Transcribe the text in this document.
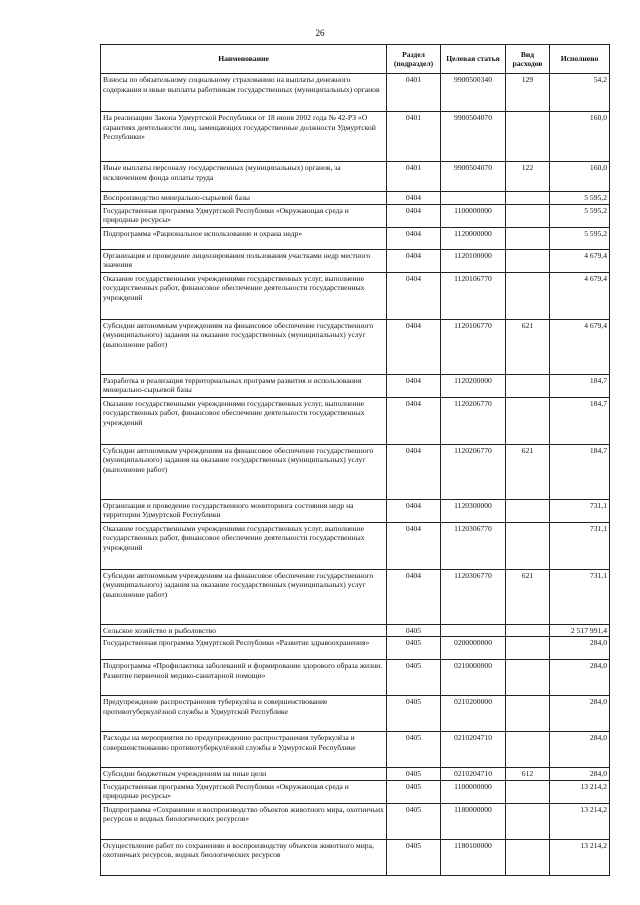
26
Наименование	Раздел (подраздел)	Целевая статья	Вид расходов	Исполнено
Взносы по обязательному социальному страхованию на выплаты денежного содержания и иные выплаты работникам государственных (муниципальных) органов	0401	9900500340	129	54,2
На реализацию Закона Удмуртской Республики от 18 июня 2002 года № 42-РЗ «О гарантиях деятельности лиц, замещающих государственные должности Удмуртской Республики»	0401	9900504070		160,0
Иные выплаты персоналу государственных (муниципальных) органов, за исключением фонда оплаты труда	0401	9900504070	122	160,0
Воспроизводство минерально-сырьевой базы	0404			5 595,2
Государственная программа Удмуртской Республики «Окружающая среда и природные ресурсы»	0404	1100000000		5 595,2
Подпрограмма «Рациональное использование и охрана недр»	0404	1120000000		5 595,2
Организация и проведение лицензирования пользования участками недр местного значения	0404	1120100000		4 679,4
Оказание государственными учреждениями государственных услуг, выполнение государственных работ, финансовое обеспечение деятельности государственных учреждений	0404	1120106770		4 679,4
Субсидии автономным учреждениям на финансовое обеспечение государственного (муниципального) задания на оказание государственных (муниципальных) услуг (выполнение работ)	0404	1120106770	621	4 679,4
Разработка и реализация территориальных программ развития и использования минерально-сырьевой базы	0404	1120200000		184,7
Оказание государственными учреждениями государственных услуг, выполнение государственных работ, финансовое обеспечение деятельности государственных учреждений	0404	1120206770		184,7
Субсидии автономным учреждениям на финансовое обеспечение государственного (муниципального) задания на оказание государственных (муниципальных) услуг (выполнение работ)	0404	1120206770	621	184,7
Организация и проведение государственного мониторинга состояния недр на территории Удмуртской Республики	0404	1120300000		731,1
Оказание государственными учреждениями государственных услуг, выполнение государственных работ, финансовое обеспечение деятельности государственных учреждений	0404	1120306770		731,1
Субсидии автономным учреждениям на финансовое обеспечение государственного (муниципального) задания на оказание государственных (муниципальных) услуг (выполнение работ)	0404	1120306770	621	731,1
Сельское хозяйство и рыболовство	0405			2 517 991,4
Государственная программа Удмуртской Республики «Развитие здравоохранения»	0405	0200000000		284,0
Подпрограмма «Профилактика заболеваний и формирование здорового образа жизни. Развитие первичной медико-санитарной помощи»	0405	0210000000		284,0
Предупреждение распространения туберкулёза и совершенствование противотуберкулёзной службы в Удмуртской Республике	0405	0210200000		284,0
Расходы на мероприятия по предупреждению распространения туберкулёза и совершенствованию противотуберкулёзной службы в Удмуртской Республике	0405	0210204710		284,0
Субсидии бюджетным учреждениям на иные цели	0405	0210204710	612	284,0
Государственная программа Удмуртской Республики «Окружающая среда и природные ресурсы»	0405	1100000000		13 214,2
Подпрограмма «Сохранение и воспроизводство объектов животного мира, охотничьих ресурсов и водных биологических ресурсов»	0405	1180000000		13 214,2
Осуществление работ по сохранению и воспроизводству объектов животного мира, охотничьих ресурсов, водных биологических ресурсов	0405	1180100000		13 214,2
